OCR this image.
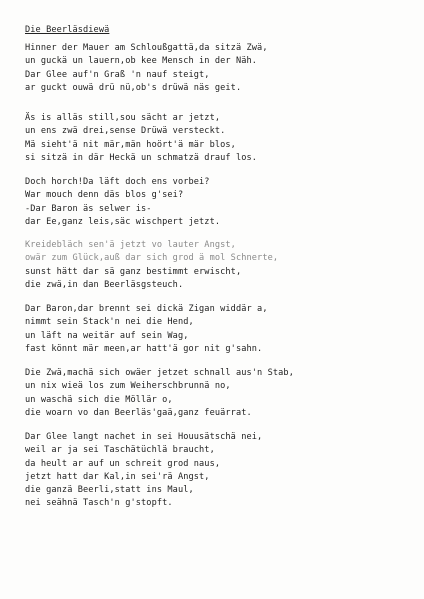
Die Beerläsdiewä
Hinner der Mauer am Schloußgattä,da sitzä Zwä,
un guckä un lauern,ob kee Mensch in der Näh.
Dar Glee auf'n Graß 'n nauf steigt,
ar guckt ouwä drü nü,ob's drüwä näs geit.
Äs is alläs still,sou sächt ar jetzt,
un ens zwä drei,sense Drüwä versteckt.
Mä sieht'ä nit mär,män hoört'ä mär blos,
si sitzä in där Heckä un schmatzä drauf los.
Doch horch!Da läft doch ens vorbei?
War mouch denn däs blos g'sei?
-Dar Baron äs selwer is-
dar Ee,ganz leis,säc wischpert jetzt.
Kreidebläch sen'ä jetzt vo lauter Angst,
owär zum Glück,auß dar sich grod ä mol Schnerte,
sunst hätt dar sä ganz bestimmt erwischt,
die zwä,in dan Beerläsgsteuch.
Dar Baron,dar brennt sei dickä Zigan widdär a,
nimmt sein Stack'n nei die Hend,
un läft na weitär auf sein Wag,
fast könnt mär meen,ar hatt'ä gor nit g'sahn.
Die Zwä,machä sich owäer jetzet schnall aus'n Stab,
un nix wieä los zum Weiherschbrunnä no,
un waschä sich die Möllär o,
die woarn vo dan Beerläs'gaä,ganz feuärrat.
Dar Glee langt nachet in sei Houusätschä nei,
weil ar ja sei Taschätüchlä braucht,
da heult ar auf un schreit grod naus,
jetzt hatt dar Kal,in sei'rä Angst,
die ganzä Beerli,statt ins Maul,
nei seähnä Tasch'n g'stopft.
